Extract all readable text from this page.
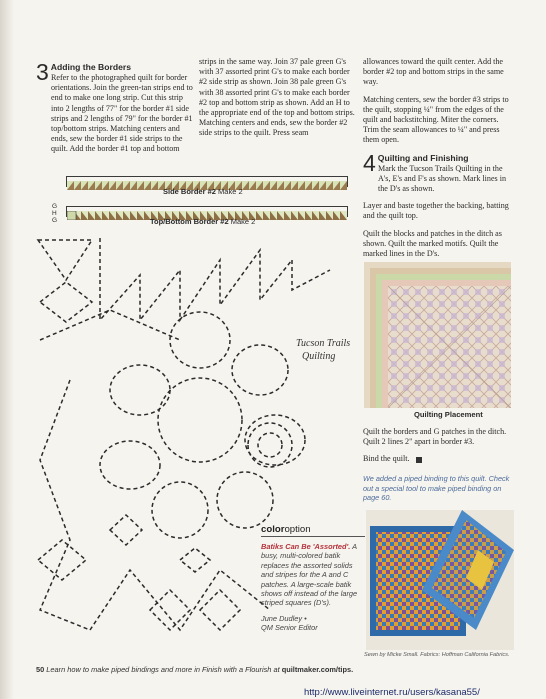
3 Adding the Borders

Refer to the photographed quilt for border orientations. Join the green-tan strips end to end to make one long strip. Cut this strip into 2 lengths of 77" for the border #1 side strips and 2 lengths of 79" for the border #1 top/bottom strips. Matching centers and ends, sew the border #1 side strips to the quilt. Add the border #1 top and bottom

strips in the same way. Join 37 pale green G's with 37 assorted print G's to make each border #2 side strip as shown. Join 38 pale green G's with 38 assorted print G's to make each border #2 top and bottom strip as shown. Add an H to the appropriate end of the top and bottom strips. Matching centers and ends, sew the border #2 side strips to the quilt. Press seam

allowances toward the quilt center. Add the border #2 top and bottom strips in the same way.

Matching centers, sew the border #3 strips to the quilt, stopping ¼" from the edges of the quilt and backstitching. Miter the corners. Trim the seam allowances to ¼" and press them open.

4 Quilting and Finishing

Mark the Tucson Trails Quilting in the A's, E's and F's as shown. Mark lines in the D's as shown.

Layer and baste together the backing, batting and the quilt top.

Quilt the blocks and patches in the ditch as shown. Quilt the marked motifs. Quilt the marked lines in the D's.

Side Border #2 Make 2
G
H
G	Top/Bottom Border #2 Make 2
Tucson Trails
Quilting
Quilting Placement

Quilt the borders and G patches in the ditch. Quilt 2 lines 2" apart in border #3.

Bind the quilt.

We added a piped binding to this quilt. Check out a special tool to make piped binding on page 60.
coloroption
Batiks Can Be 'Assorted'. A busy, multi-colored batik replaces the assorted solids and stripes for the A and C patches. A large-scale batik shows off instead of the large striped squares (D's).
June Dudley •
QM Senior Editor
Sewn by Micke Small. Fabrics: Hoffman California Fabrics.
50 Learn how to make piped bindings and more in Finish with a Flourish at quiltmaker.com/tips.
http://www.liveinternet.ru/users/kasana55/
